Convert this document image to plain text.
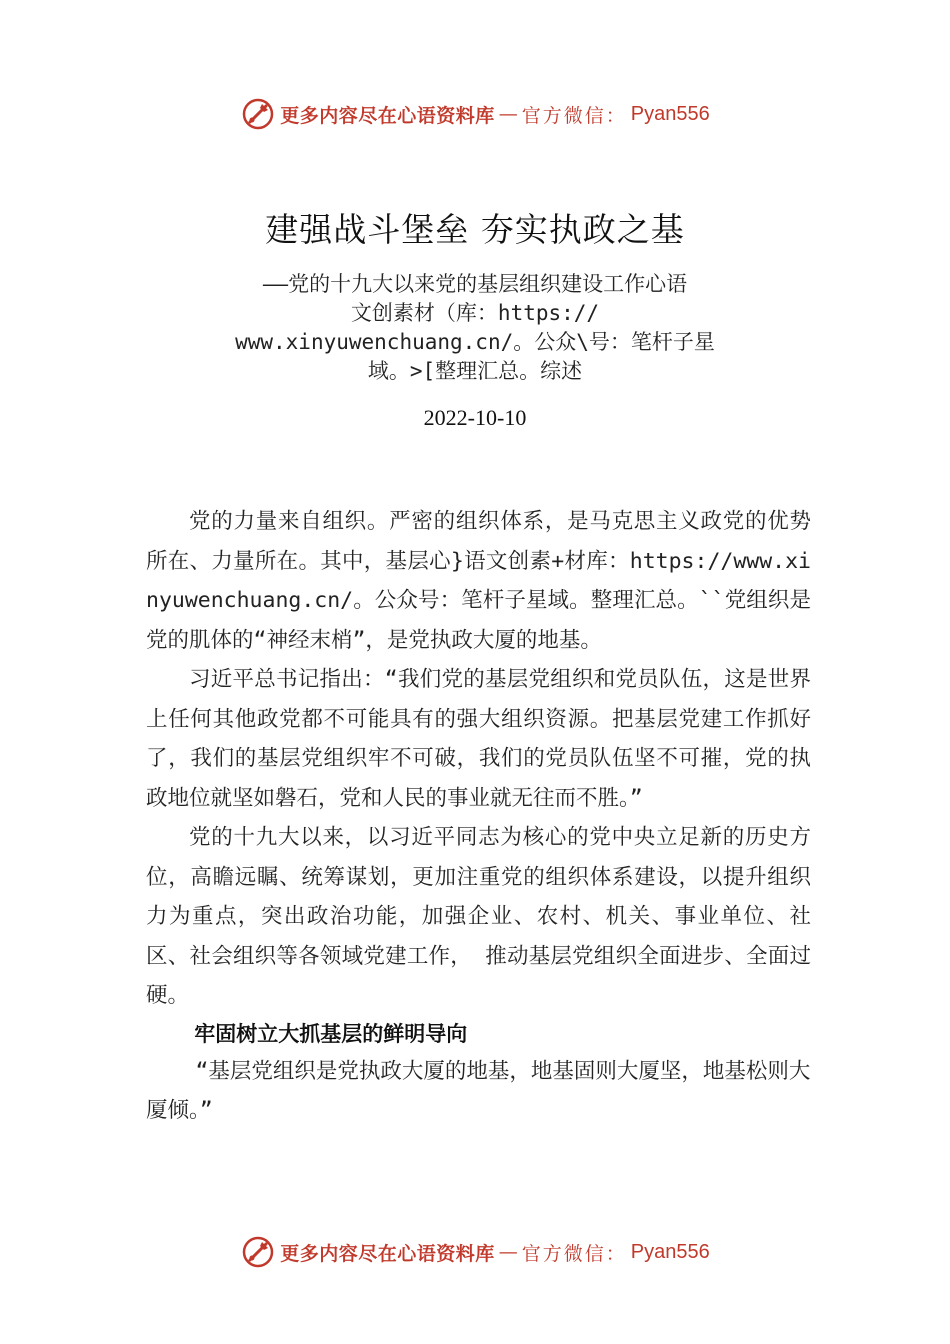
更多内容尽在心语资料库 — 官方微信： Pyan556
建强战斗堡垒 夯实执政之基
——党的十九大以来党的基层组织建设工作心语
文创素材（库：https://
www.xinyuwenchuang.cn/。公众\号：笔杆子星
域。>[整理汇总。综述
2022-10-10

党的力量来自组织。严密的组织体系，是马克思主义政党的优势所在、力量所在。其中，基层心}语文创素+材库：https://www.xinyuwenchuang.cn/。公众号：笔杆子星域。整理汇总。``党组织是党的肌体的“神经末梢”，是党执政大厦的地基。

习近平总书记指出：“我们党的基层党组织和党员队伍，这是世界上任何其他政党都不可能具有的强大组织资源。把基层党建工作抓好了，我们的基层党组织牢不可破，我们的党员队伍坚不可摧，党的执政地位就坚如磐石，党和人民的事业就无往而不胜。”

党的十九大以来，以习近平同志为核心的党中央立足新的历史方位，高瞻远瞩、统筹谋划，更加注重党的组织体系建设，以提升组织力为重点，突出政治功能，加强企业、农村、机关、事业单位、社区、社会组织等各领域党建工作， 推动基层党组织全面进步、全面过硬。

牢固树立大抓基层的鲜明导向

“基层党组织是党执政大厦的地基，地基固则大厦坚，地基松则大厦倾。”

更多内容尽在心语资料库 — 官方微信： Pyan556
